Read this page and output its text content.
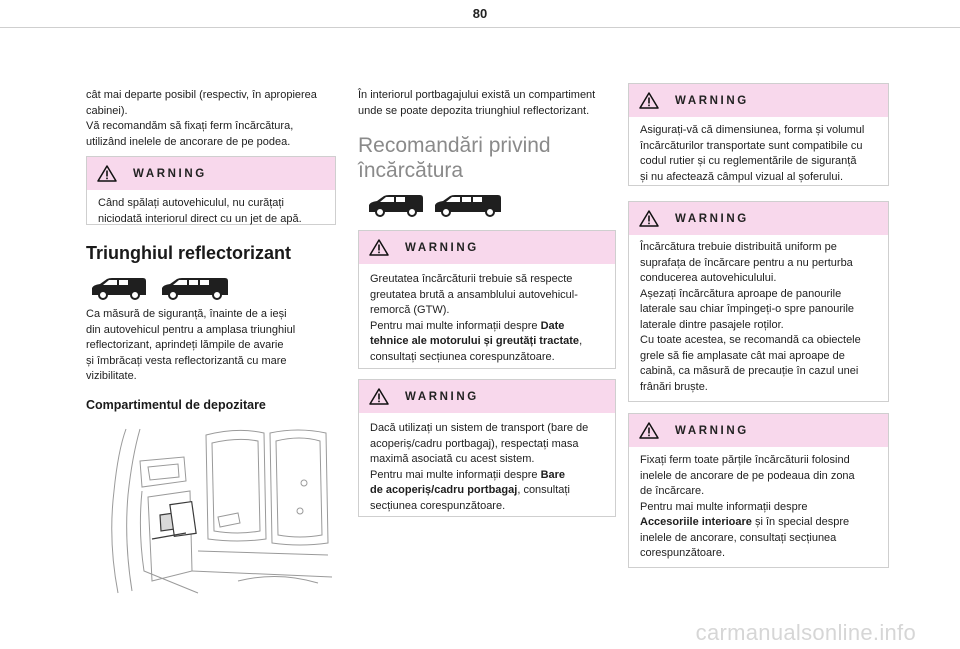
80

cât mai departe posibil (respectiv, în apropierea

cabinei).

Vă recomandăm să fixați ferm încărcătura,

utilizând inelele de ancorare de pe podea.

WARNING

Când spălați autovehiculul, nu curățați

niciodată interiorul direct cu un jet de apă.

Triunghiul reflectorizant

Ca măsură de siguranță, înainte de a ieși

din autovehicul pentru a amplasa triunghiul

reflectorizant, aprindeți lămpile de avarie

și îmbrăcați vesta reflectorizantă cu mare

vizibilitate.

Compartimentul de depozitare

În interiorul portbagajului există un compartiment

unde se poate depozita triunghiul reflectorizant.

Recomandări privind
încărcătura
WARNING

Greutatea încărcăturii trebuie să respecte

greutatea brută a ansamblului autovehicul-

remorcă (GTW).

Pentru mai multe informații despre Date

tehnice ale motorului și greutăți tractate,

consultați secțiunea corespunzătoare.

WARNING

Dacă utilizați un sistem de transport (bare de

acoperiș/cadru portbagaj), respectați masa

maximă asociată cu acest sistem.

Pentru mai multe informații despre Bare

de acoperiș/cadru portbagaj, consultați

secțiunea corespunzătoare.

WARNING

Asigurați-vă că dimensiunea, forma și volumul

încărcăturilor transportate sunt compatibile cu

codul rutier și cu reglementările de siguranță

și nu afectează câmpul vizual al șoferului.

WARNING

Încărcătura trebuie distribuită uniform pe

suprafața de încărcare pentru a nu perturba

conducerea autovehiculului.

Așezați încărcătura aproape de panourile

laterale sau chiar împingeți-o spre panourile

laterale dintre pasajele roților.

Cu toate acestea, se recomandă ca obiectele

grele să fie amplasate cât mai aproape de

cabină, ca măsură de precauție în cazul unei

frânări bruște.

WARNING

Fixați ferm toate părțile încărcăturii folosind

inelele de ancorare de pe podeaua din zona

de încărcare.

Pentru mai multe informații despre

Accesoriile interioare și în special despre

inelele de ancorare, consultați secțiunea

corespunzătoare.

carmanualsonline.info
